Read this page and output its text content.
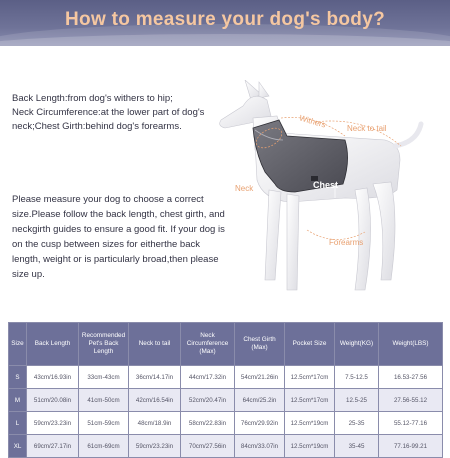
How to measure your dog's body?
Back Length:from dog's withers to hip;
Neck Circumference:at the lower part of dog's neck;Chest Girth:behind dog's forearms.
Please measure your dog to choose a correct size.Please follow the back length, chest girth, and neckgirth guides to ensure a good fit. If your dog is on the cusp between sizes for eitherthe back length, weight or is particularly broad,then please size up.
Withers	Neck to tail
Neck	Chest
Forearms
Size	Back Length	Recommended Pet's Back Length	Neck to tail	Neck Circumference (Max)	Chest Girth (Max)	Pocket Size	Weight(KG)	Weight(LBS)
S	43cm/16.93in	33cm-43cm	36cm/14.17in	44cm/17.32in	54cm/21.26in	12.5cm*17cm	7.5-12.5	16.53-27.56
M	51cm/20.08in	41cm-50cm	42cm/16.54in	52cm/20.47in	64cm/25.2in	12.5cm*17cm	12.5-25	27.56-55.12
L	59cm/23.23in	51cm-59cm	48cm/18.9in	58cm/22.83in	76cm/29.92in	12.5cm*19cm	25-35	55.12-77.16
XL	69cm/27.17in	61cm-69cm	59cm/23.23in	70cm/27.56in	84cm/33.07in	12.5cm*19cm	35-45	77.16-99.21
